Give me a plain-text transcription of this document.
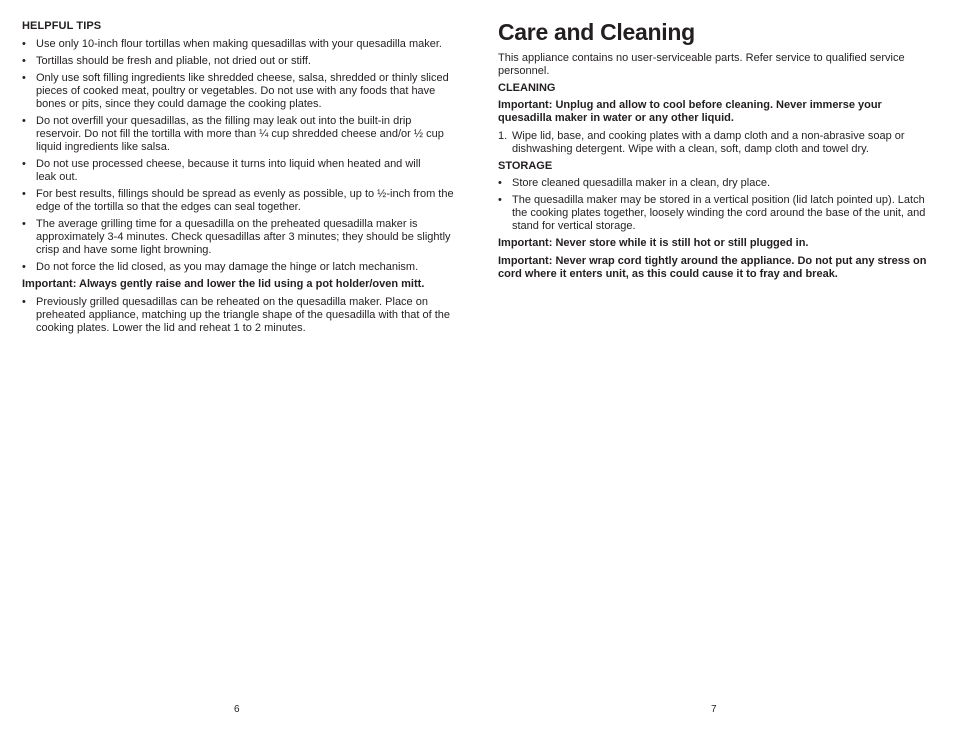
HELPFUL TIPS
• Use only 10-inch flour tortillas when making quesadillas with your quesadilla maker.
• Tortillas should be fresh and pliable, not dried out or stiff.
• Only use soft filling ingredients like shredded cheese, salsa, shredded or thinly sliced pieces of cooked meat, poultry or vegetables. Do not use with any foods that have bones or pits, since they could damage the cooking plates.
• Do not overfill your quesadillas, as the filling may leak out into the built-in drip reservoir. Do not fill the tortilla with more than ¼ cup shredded cheese and/or ½ cup liquid ingredients like salsa.
• Do not use processed cheese, because it turns into liquid when heated and will leak out.
• For best results, fillings should be spread as evenly as possible, up to ½-inch from the edge of the tortilla so that the edges can seal together.
• The average grilling time for a quesadilla on the preheated quesadilla maker is approximately 3-4 minutes. Check quesadillas after 3 minutes; they should be slightly crisp and have some light browning.
• Do not force the lid closed, as you may damage the hinge or latch mechanism.
Important: Always gently raise and lower the lid using a pot holder/oven mitt.
• Previously grilled quesadillas can be reheated on the quesadilla maker. Place on preheated appliance, matching up the triangle shape of the quesadilla with that of the cooking plates. Lower the lid and reheat 1 to 2 minutes.
6
Care and Cleaning
This appliance contains no user-serviceable parts. Refer service to qualified service personnel.
CLEANING
Important: Unplug and allow to cool before cleaning. Never immerse your quesadilla maker in water or any other liquid.
1. Wipe lid, base, and cooking plates with a damp cloth and a non-abrasive soap or dishwashing detergent. Wipe with a clean, soft, damp cloth and towel dry.
STORAGE
• Store cleaned quesadilla maker in a clean, dry place.
• The quesadilla maker may be stored in a vertical position (lid latch pointed up). Latch the cooking plates together, loosely winding the cord around the base of the unit, and stand for vertical storage.
Important: Never store while it is still hot or still plugged in.
Important: Never wrap cord tightly around the appliance. Do not put any stress on cord where it enters unit, as this could cause it to fray and break.
7
